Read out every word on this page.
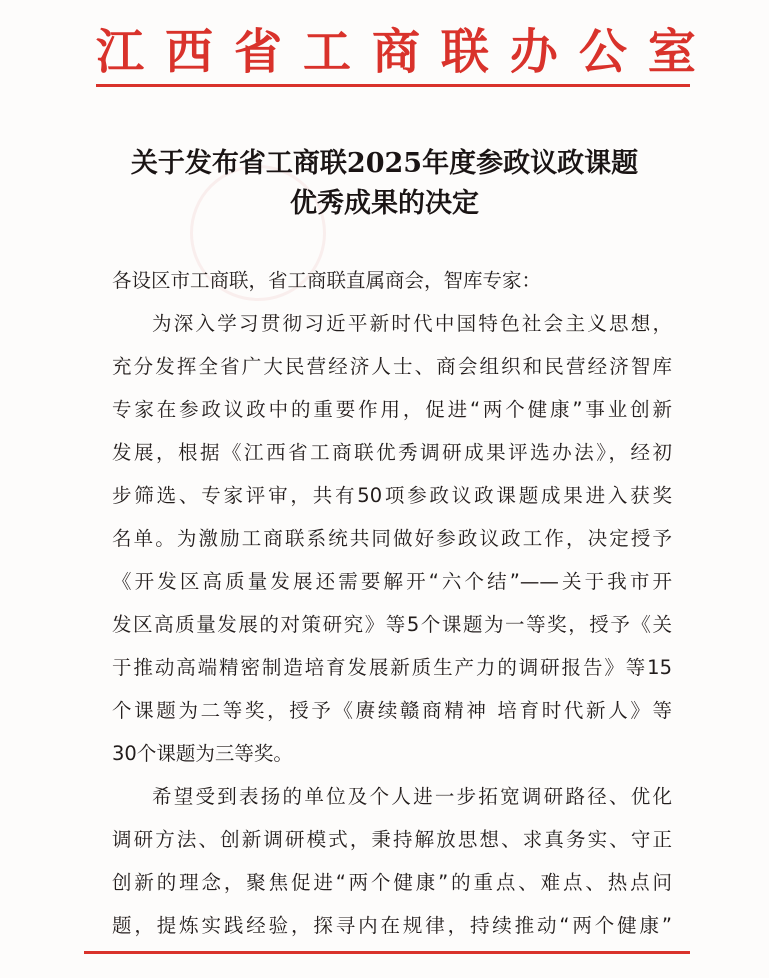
江 西 省 工 商 联 办 公 室
关于发布省工商联2025年度参政议政课题
优秀成果的决定
各设区市工商联，省工商联直属商会，智库专家：
为深入学习贯彻习近平新时代中国特色社会主义思想，
充分发挥全省广大民营经济人士、商会组织和民营经济智库
专家在参政议政中的重要作用，促进“两个健康”事业创新
发展，根据《江西省工商联优秀调研成果评选办法》，经初
步筛选、专家评审，共有50项参政议政课题成果进入获奖
名单。为激励工商联系统共同做好参政议政工作，决定授予
《开发区高质量发展还需要解开“六个结”——关于我市开
发区高质量发展的对策研究》等5个课题为一等奖，授予《关
于推动高端精密制造培育发展新质生产力的调研报告》等15
个课题为二等奖，授予《赓续赣商精神 培育时代新人》等
30个课题为三等奖。
希望受到表扬的单位及个人进一步拓宽调研路径、优化
调研方法、创新调研模式，秉持解放思想、求真务实、守正
创新的理念，聚焦促进“两个健康”的重点、难点、热点问
题，提炼实践经验，探寻内在规律，持续推动“两个健康”
